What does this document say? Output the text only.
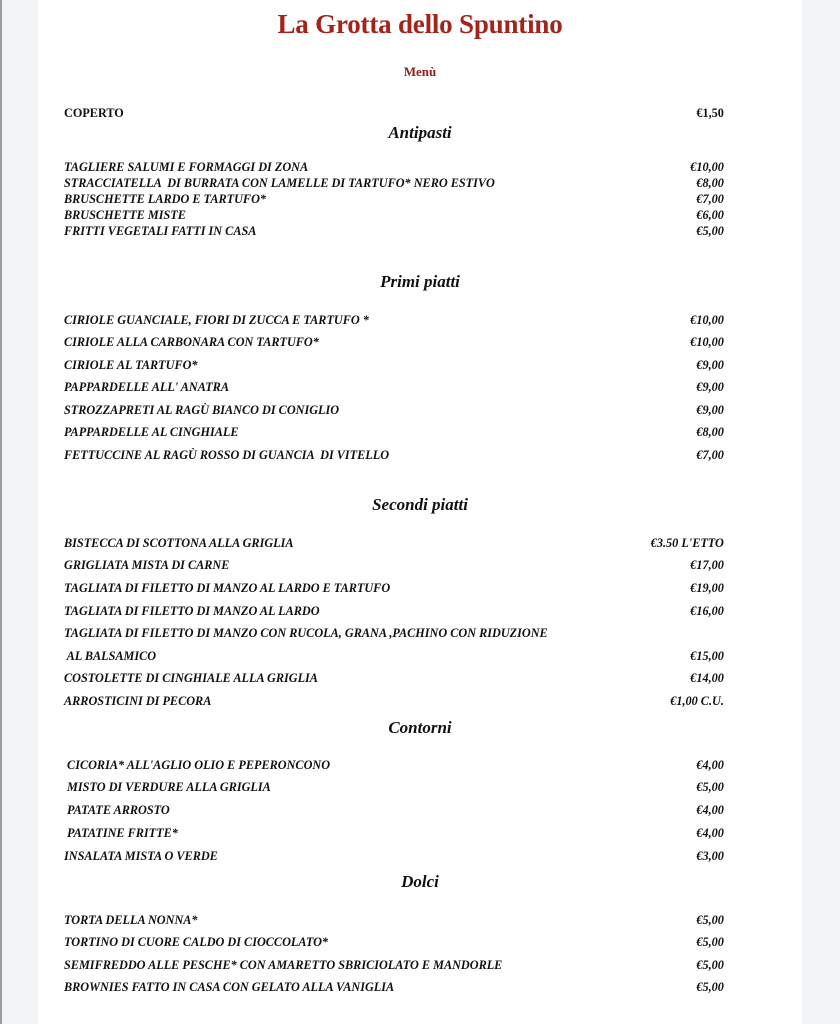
La Grotta dello Spuntino
Menù
COPERTO	€1,50
Antipasti
TAGLIERE SALUMI E FORMAGGI DI ZONA	€10,00
STRACCIATELLA  DI BURRATA CON LAMELLE DI TARTUFO* NERO ESTIVO	€8,00
BRUSCHETTE LARDO E TARTUFO*	€7,00
BRUSCHETTE MISTE	€6,00
FRITTI VEGETALI FATTI IN CASA	€5,00
Primi piatti
CIRIOLE GUANCIALE, FIORI DI ZUCCA E TARTUFO *	€10,00
CIRIOLE ALLA CARBONARA CON TARTUFO*	€10,00
CIRIOLE AL TARTUFO*	€9,00
PAPPARDELLE ALL' ANATRA	€9,00
STROZZAPRETI AL RAGÙ BIANCO DI CONIGLIO	€9,00
PAPPARDELLE AL CINGHIALE	€8,00
FETTUCCINE AL RAGÙ ROSSO DI GUANCIA  DI VITELLO	€7,00
Secondi piatti
BISTECCA DI SCOTTONA ALLA GRIGLIA	€3.50 L'ETTO
GRIGLIATA MISTA DI CARNE	€17,00
TAGLIATA DI FILETTO DI MANZO AL LARDO E TARTUFO	€19,00
TAGLIATA DI FILETTO DI MANZO AL LARDO	€16,00
TAGLIATA DI FILETTO DI MANZO CON RUCOLA, GRANA ,PACHINO CON RIDUZIONE
AL BALSAMICO	€15,00
COSTOLETTE DI CINGHIALE ALLA GRIGLIA	€14,00
ARROSTICINI DI PECORA	€1,00 C.U.
Contorni
CICORIA* ALL'AGLIO OLIO E PEPERONCONO	€4,00
MISTO DI VERDURE ALLA GRIGLIA	€5,00
PATATE ARROSTO	€4,00
PATATINE FRITTE*	€4,00
INSALATA MISTA O VERDE	€3,00
Dolci
TORTA DELLA NONNA*	€5,00
TORTINO DI CUORE CALDO DI CIOCCOLATO*	€5,00
SEMIFREDDO ALLE PESCHE* CON AMARETTO SBRICIOLATO E MANDORLE	€5,00
BROWNIES FATTO IN CASA CON GELATO ALLA VANIGLIA	€5,00
